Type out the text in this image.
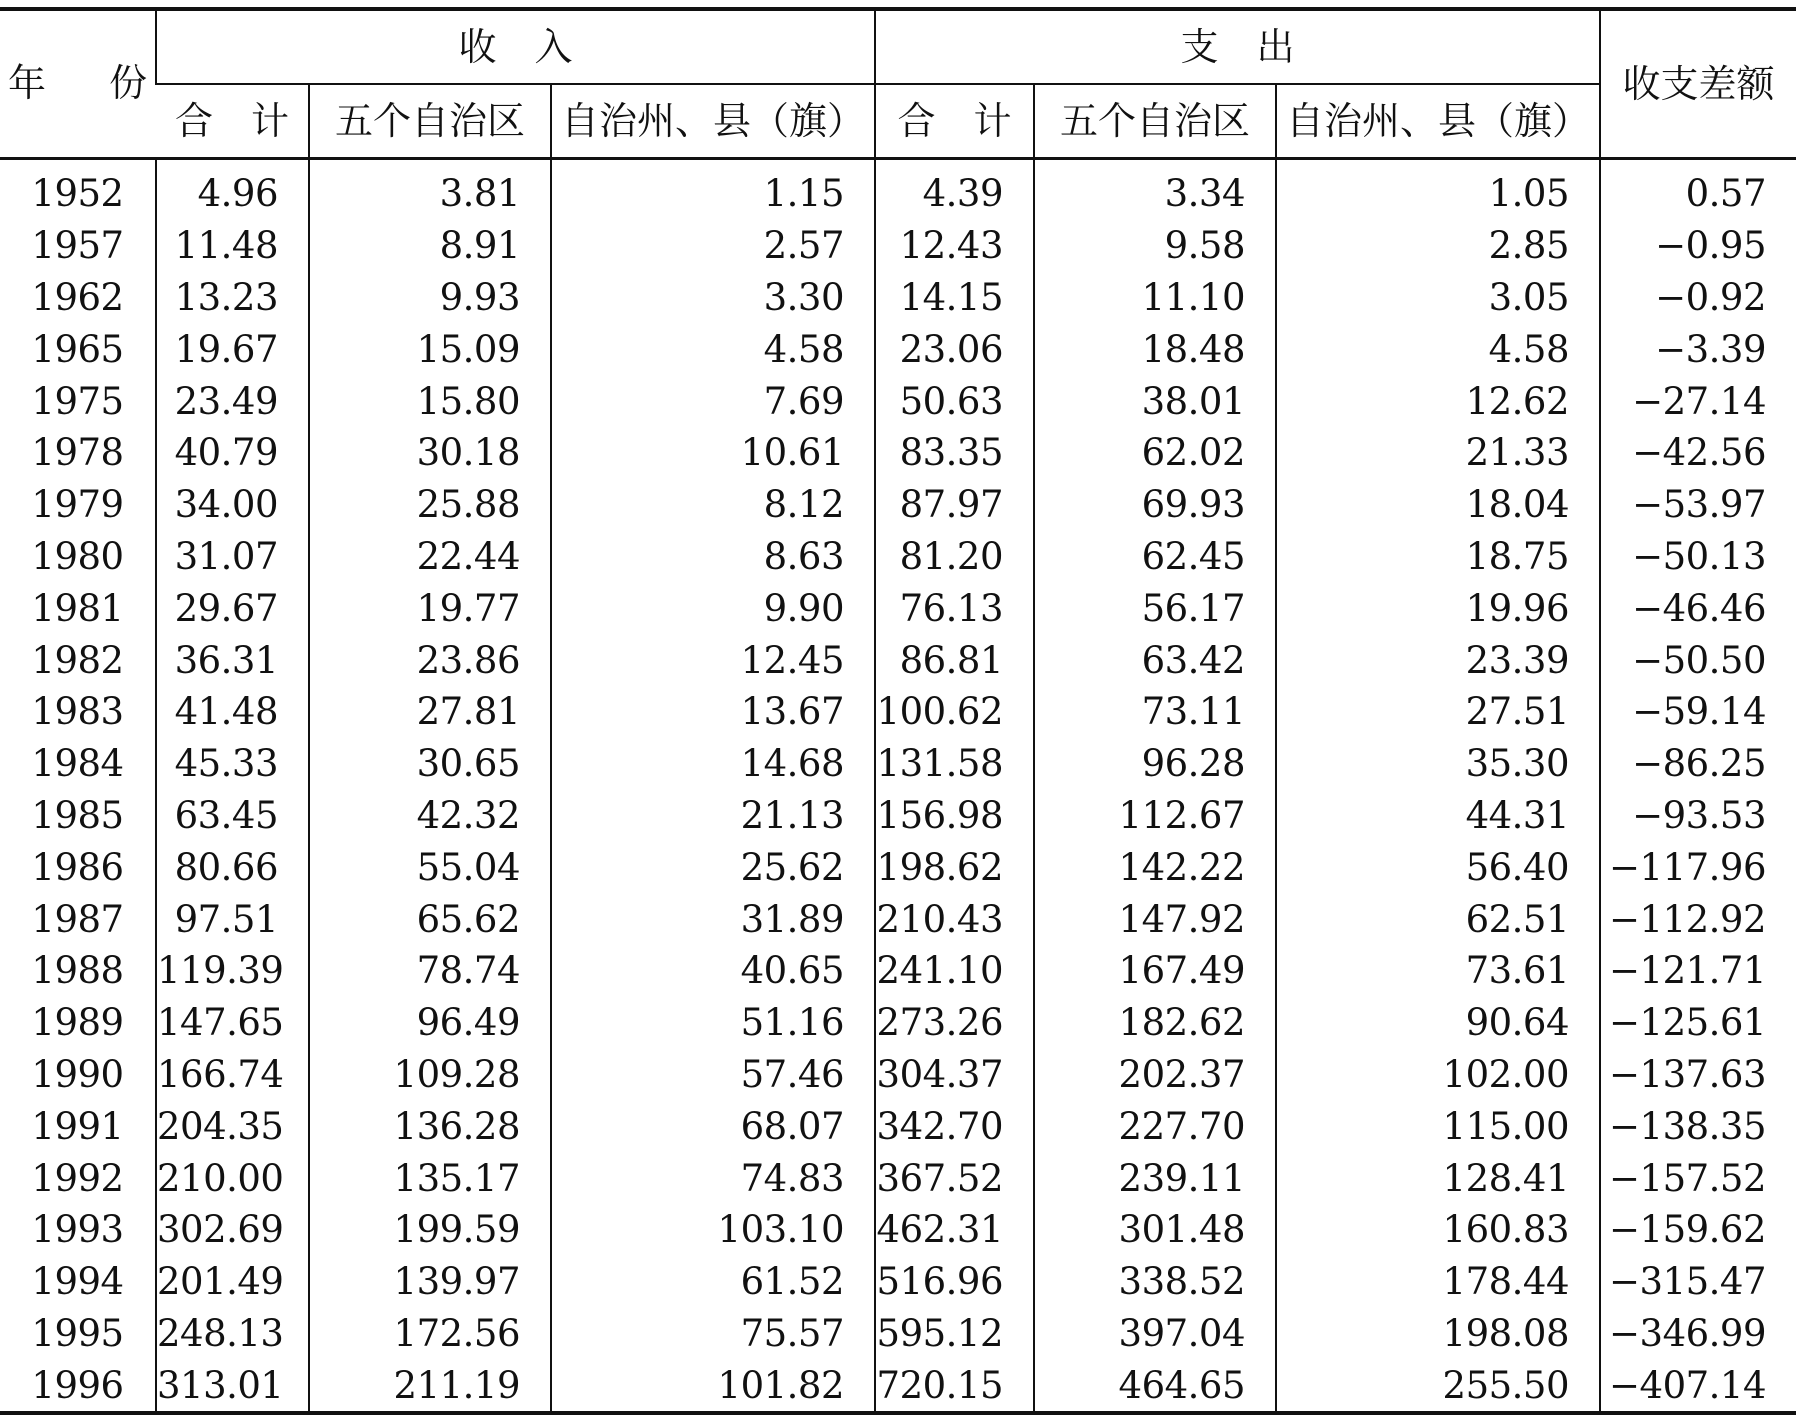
年 份	收　入			支　出			收支差额
	合　计	五个自治区	自治州、县（旗）	合　计	五个自治区	自治州、县（旗）	
1952	4.96	3.81	1.15	4.39	3.34	1.05	0.57
1957	11.48	8.91	2.57	12.43	9.58	2.85	−0.95
1962	13.23	9.93	3.30	14.15	11.10	3.05	−0.92
1965	19.67	15.09	4.58	23.06	18.48	4.58	−3.39
1975	23.49	15.80	7.69	50.63	38.01	12.62	−27.14
1978	40.79	30.18	10.61	83.35	62.02	21.33	−42.56
1979	34.00	25.88	8.12	87.97	69.93	18.04	−53.97
1980	31.07	22.44	8.63	81.20	62.45	18.75	−50.13
1981	29.67	19.77	9.90	76.13	56.17	19.96	−46.46
1982	36.31	23.86	12.45	86.81	63.42	23.39	−50.50
1983	41.48	27.81	13.67	100.62	73.11	27.51	−59.14
1984	45.33	30.65	14.68	131.58	96.28	35.30	−86.25
1985	63.45	42.32	21.13	156.98	112.67	44.31	−93.53
1986	80.66	55.04	25.62	198.62	142.22	56.40	−117.96
1987	97.51	65.62	31.89	210.43	147.92	62.51	−112.92
1988	119.39	78.74	40.65	241.10	167.49	73.61	−121.71
1989	147.65	96.49	51.16	273.26	182.62	90.64	−125.61
1990	166.74	109.28	57.46	304.37	202.37	102.00	−137.63
1991	204.35	136.28	68.07	342.70	227.70	115.00	−138.35
1992	210.00	135.17	74.83	367.52	239.11	128.41	−157.52
1993	302.69	199.59	103.10	462.31	301.48	160.83	−159.62
1994	201.49	139.97	61.52	516.96	338.52	178.44	−315.47
1995	248.13	172.56	75.57	595.12	397.04	198.08	−346.99
1996	313.01	211.19	101.82	720.15	464.65	255.50	−407.14
